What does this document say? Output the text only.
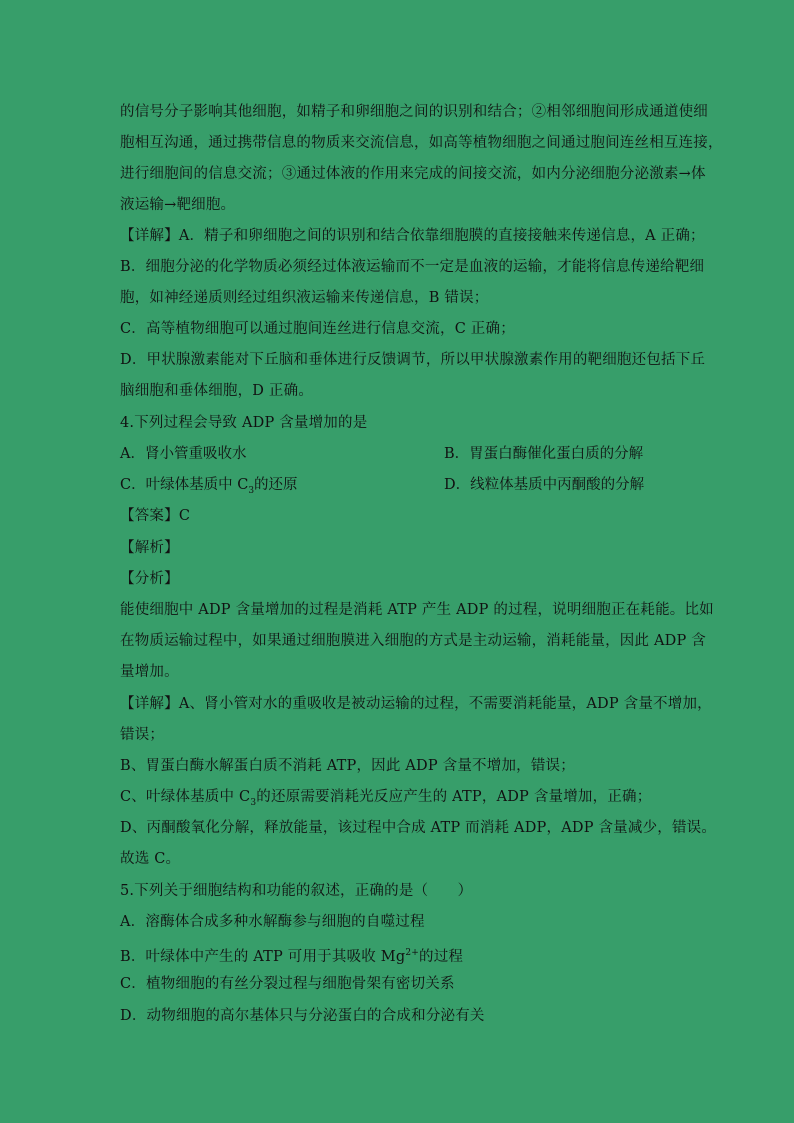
的信号分子影响其他细胞，如精子和卵细胞之间的识别和结合；②相邻细胞间形成通道使细
胞相互沟通，通过携带信息的物质来交流信息，如高等植物细胞之间通过胞间连丝相互连接，
进行细胞间的信息交流；③通过体液的作用来完成的间接交流，如内分泌细胞分泌激素→体
液运输→靶细胞。
【详解】A．精子和卵细胞之间的识别和结合依靠细胞膜的直接接触来传递信息，A 正确；
B．细胞分泌的化学物质必须经过体液运输而不一定是血液的运输，才能将信息传递给靶细
胞，如神经递质则经过组织液运输来传递信息，B 错误；
C．高等植物细胞可以通过胞间连丝进行信息交流，C 正确；
D．甲状腺激素能对下丘脑和垂体进行反馈调节，所以甲状腺激素作用的靶细胞还包括下丘
脑细胞和垂体细胞，D 正确。
4.下列过程会导致 ADP 含量增加的是
A．肾小管重吸收水	B．胃蛋白酶催化蛋白质的分解
C．叶绿体基质中 $C_3$的还原	D．线粒体基质中丙酮酸的分解
【答案】C
【解析】
【分析】
能使细胞中 ADP 含量增加的过程是消耗 ATP 产生 ADP 的过程，说明细胞正在耗能。比如
在物质运输过程中，如果通过细胞膜进入细胞的方式是主动运输，消耗能量，因此 ADP 含
量增加。
【详解】A、肾小管对水的重吸收是被动运输的过程，不需要消耗能量，ADP 含量不增加，
错误；
B、胃蛋白酶水解蛋白质不消耗 ATP，因此 ADP 含量不增加，错误；
C、叶绿体基质中 $C_3$的还原需要消耗光反应产生的 ATP，ADP 含量增加，正确；
D、丙酮酸氧化分解，释放能量，该过程中合成 ATP 而消耗 ADP，ADP 含量减少，错误。
故选 C。
5.下列关于细胞结构和功能的叙述，正确的是（　　）
A．溶酶体合成多种水解酶参与细胞的自噬过程
B．叶绿体中产生的 ATP 可用于其吸收 $Mg^{2+}$的过程
C．植物细胞的有丝分裂过程与细胞骨架有密切关系
D．动物细胞的高尔基体只与分泌蛋白的合成和分泌有关
